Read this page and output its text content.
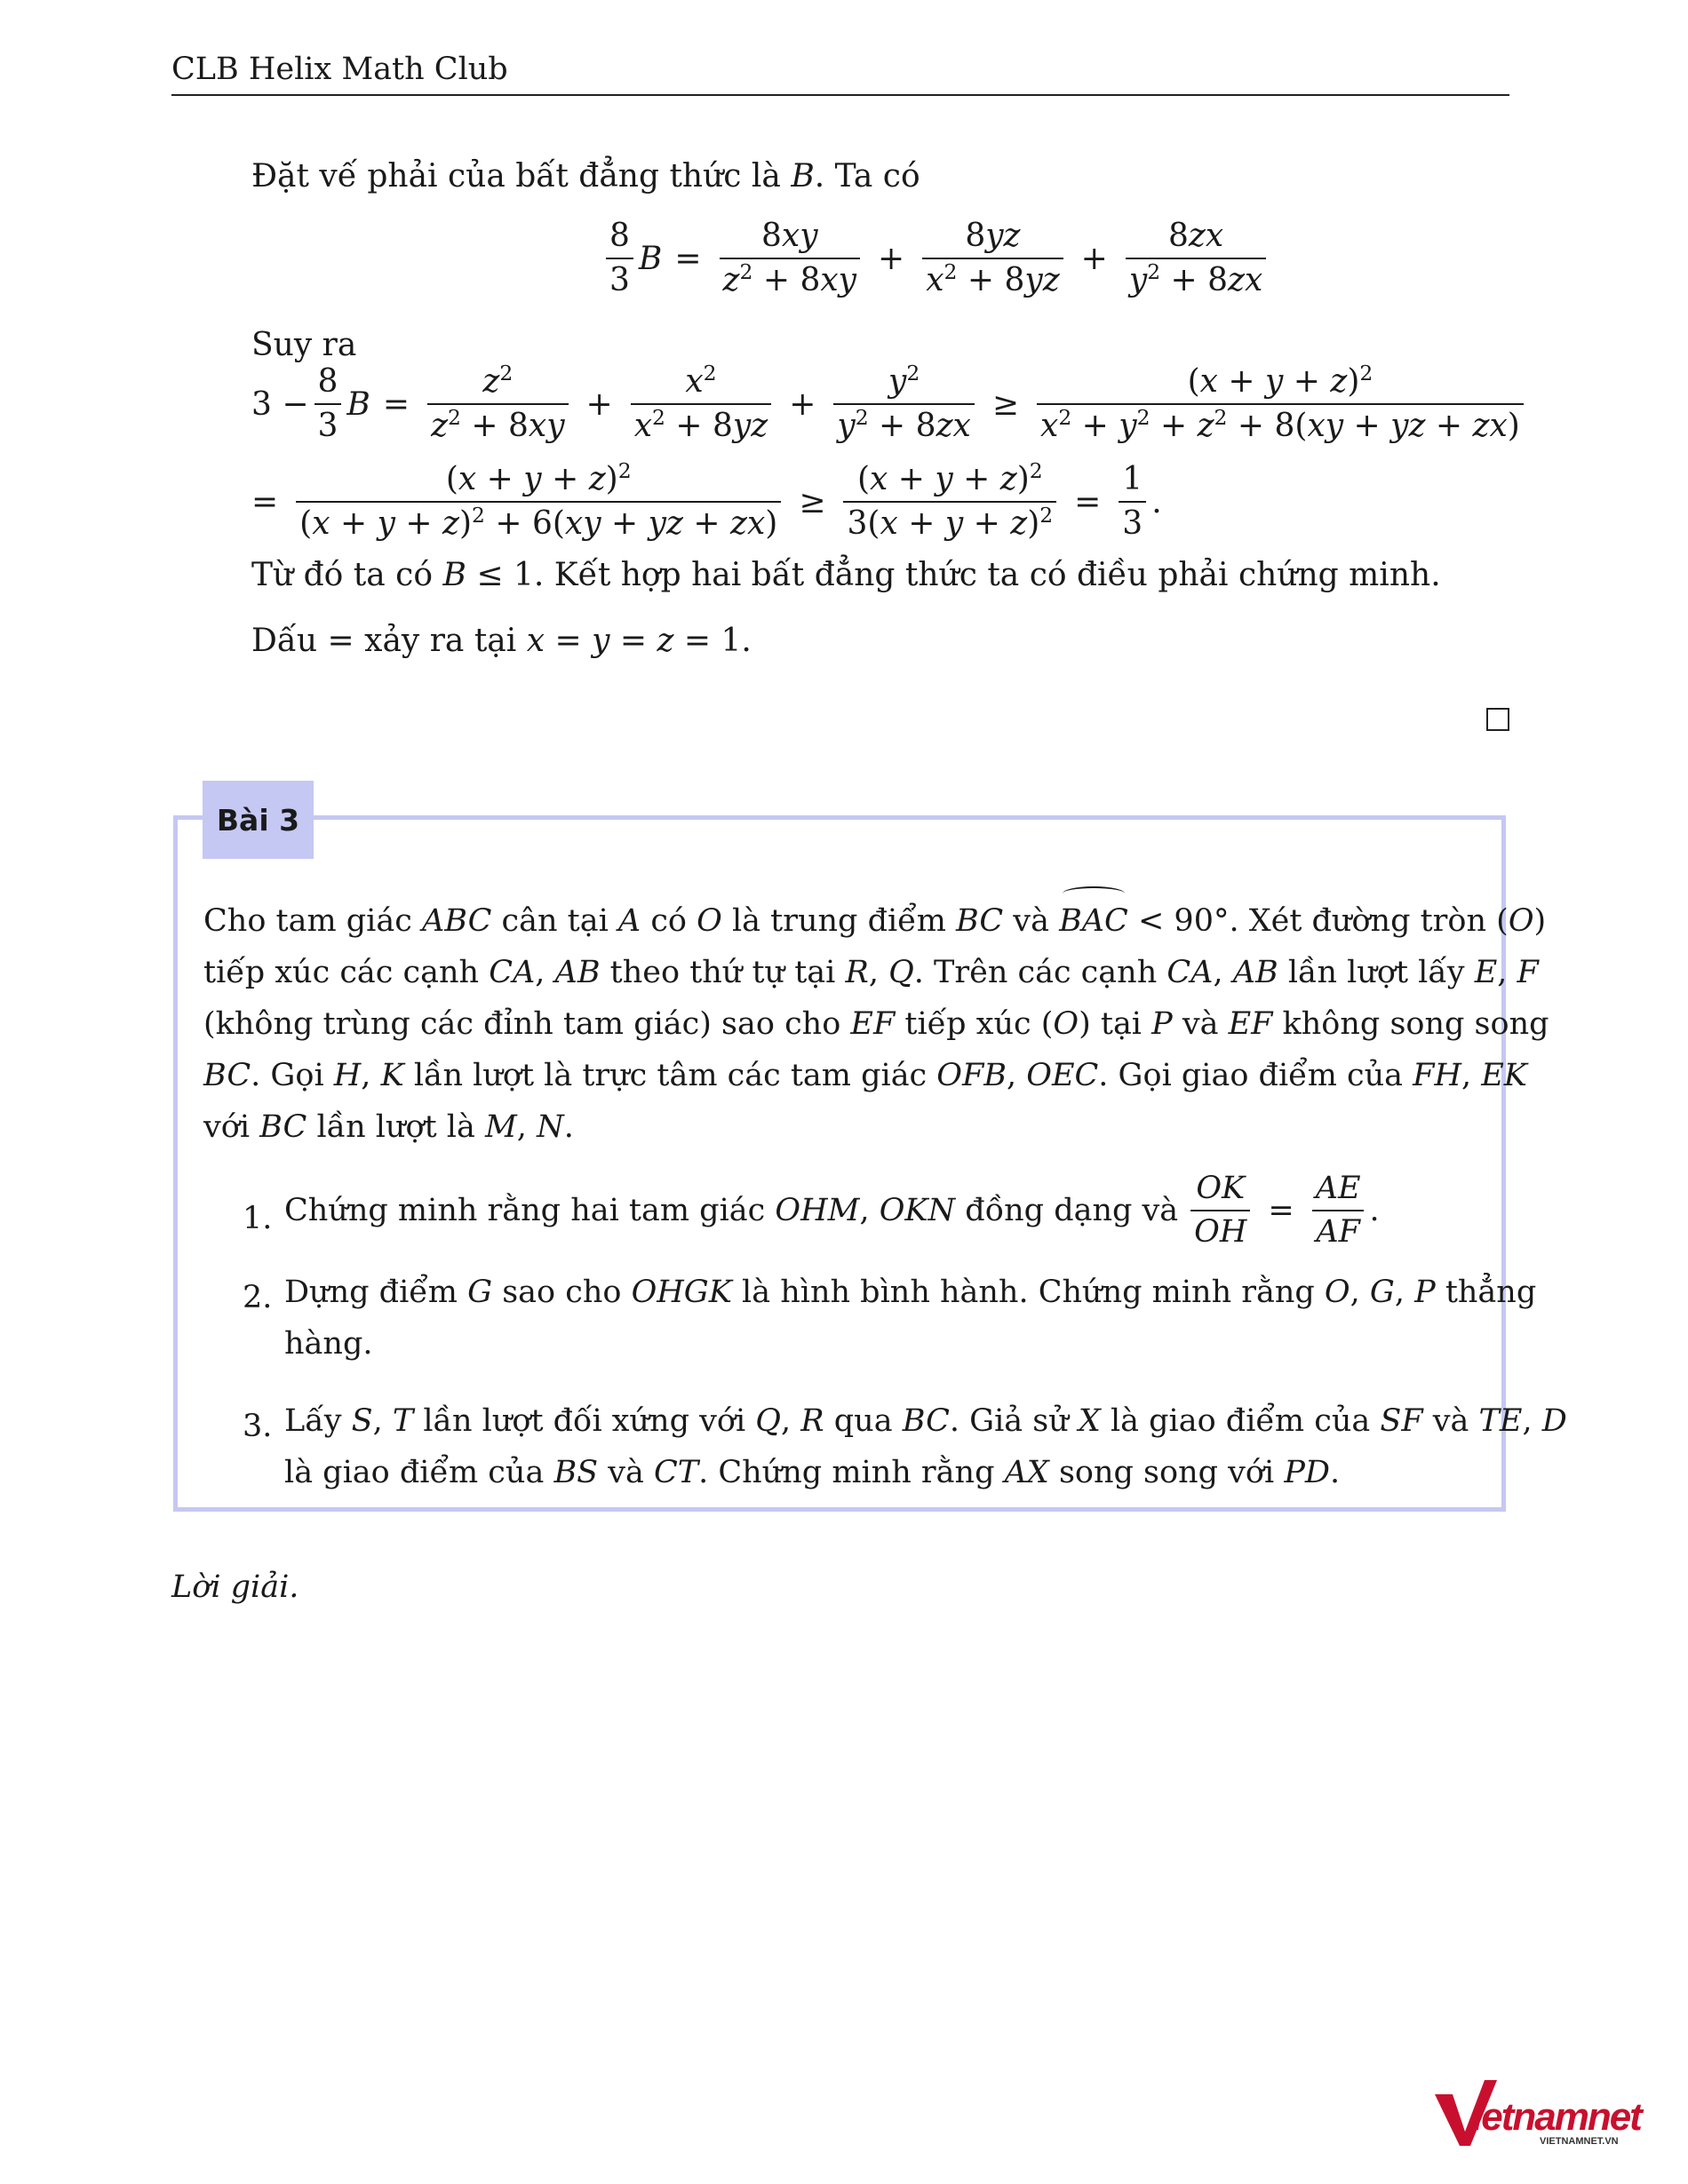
CLB Helix Math Club
Đặt vế phải của bất đẳng thức là B. Ta có
$\frac{8}{3}$ $B = \frac{8xy}{z^2 + 8xy} + \frac{8yz}{x^2 + 8yz} + \frac{8zx}{y^2 + 8zx}$
Suy ra
$3 - \frac{8}{3}$ $B = \frac{z^2}{z^2 + 8xy} + \frac{x^2}{x^2 + 8yz} + \frac{y^2}{y^2 + 8zx} \ge \frac{(x + y + z)^2}{x^2 + y^2 + z^2 + 8(xy + yz + zx)}$
= $\frac{(x + y + z)^2}{(x + y + z)^2 + 6(xy + yz + zx)} \ge \frac{(x + y + z)^2}{3(x + y + z)^2} = \frac{1}{3}$ .
Từ đó ta có B ≤ 1. Kết hợp hai bất đẳng thức ta có điều phải chứng minh.
Dấu = xảy ra tại x = y = z = 1.
Bài 3
Cho tam giác ABC cân tại A có O là trung điểm BC và BAC < 90°. Xét đường tròn (O)
tiếp xúc các cạnh CA, AB theo thứ tự tại R, Q. Trên các cạnh CA, AB lần lượt lấy E, F
(không trùng các đỉnh tam giác) sao cho EF tiếp xúc (O) tại P và EF không song song
BC. Gọi H, K lần lượt là trực tâm các tam giác OFB, OEC. Gọi giao điểm của FH, EK
với BC lần lượt là M, N.
1. Chứng minh rằng hai tam giác OHM, OKN đồng dạng và $\frac{OK}{OH} = \frac{AE}{AF}$ .
2. Dựng điểm G sao cho OHGK là hình bình hành. Chứng minh rằng O, G, P thẳng
hàng.
3. Lấy S, T lần lượt đối xứng với Q, R qua BC. Giả sử X là giao điểm của SF và TE, D
là giao điểm của BS và CT. Chứng minh rằng AX song song với PD.
Lời giải.
ietnamnet
VIETNAMNET.VN
